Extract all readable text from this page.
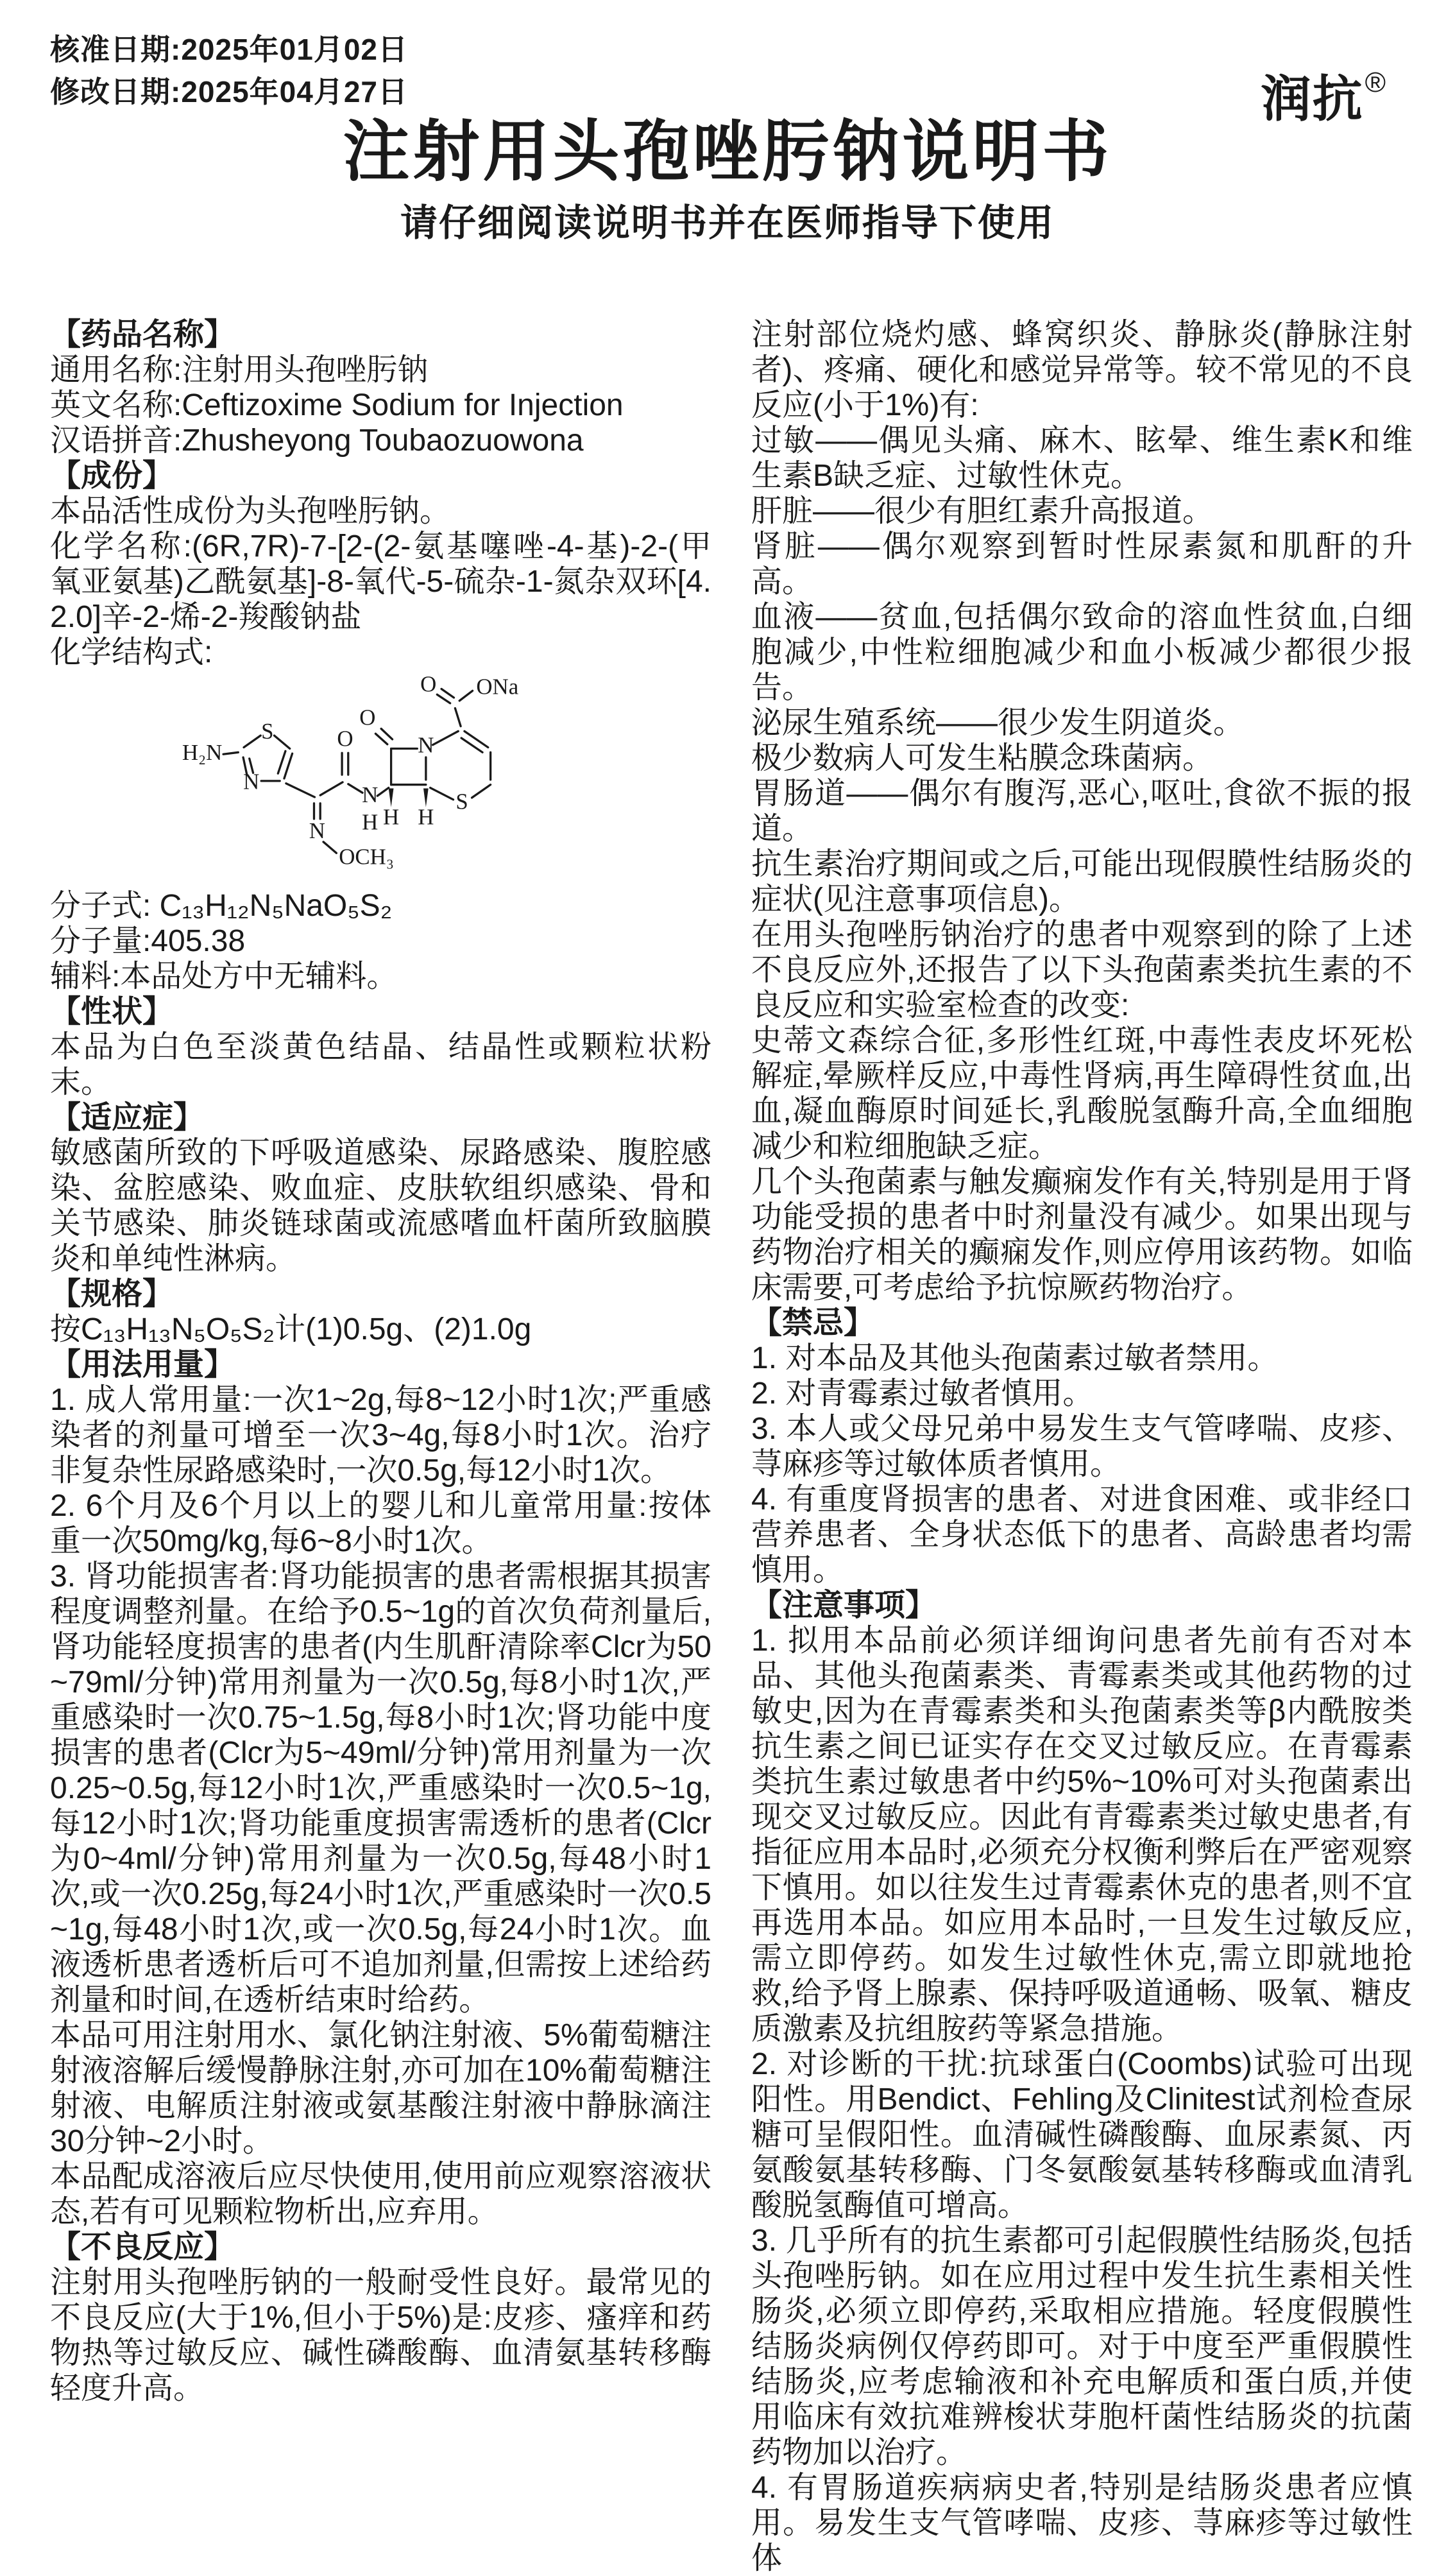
核准日期:2025年01月02日
修改日期:2025年04月27日	润抗®
注射用头孢唑肟钠说明书
请仔细阅读说明书并在医师指导下使用
【药品名称】
通用名称:注射用头孢唑肟钠
英文名称:Ceftizoxime Sodium for Injection
汉语拼音:Zhusheyong Toubaozuowona
【成份】
本品活性成份为头孢唑肟钠。
化学名称:(6R,7R)-7-[2-(2-氨基噻唑-4-基)-2-(甲氧亚氨基)乙酰氨基]-8-氧代-5-硫杂-1-氮杂双环[4.2.0]辛-2-烯-2-羧酸钠盐
化学结构式:
H₂N
S
N
N
OCH₃
O
N
H
O
N
H H
S
O ONa
分子式: C₁₃H₁₂N₅NaO₅S₂
分子量:405.38
辅料:本品处方中无辅料。
【性状】
本品为白色至淡黄色结晶、结晶性或颗粒状粉末。
【适应症】
敏感菌所致的下呼吸道感染、尿路感染、腹腔感染、盆腔感染、败血症、皮肤软组织感染、骨和关节感染、肺炎链球菌或流感嗜血杆菌所致脑膜炎和单纯性淋病。
【规格】
按C₁₃H₁₃N₅O₅S₂计(1)0.5g、(2)1.0g
【用法用量】
1. 成人常用量:一次1~2g,每8~12小时1次;严重感染者的剂量可增至一次3~4g,每8小时1次。治疗非复杂性尿路感染时,一次0.5g,每12小时1次。
2. 6个月及6个月以上的婴儿和儿童常用量:按体重一次50mg/kg,每6~8小时1次。
3. 肾功能损害者:肾功能损害的患者需根据其损害程度调整剂量。在给予0.5~1g的首次负荷剂量后,肾功能轻度损害的患者(内生肌酐清除率Clcr为50~79ml/分钟)常用剂量为一次0.5g,每8小时1次,严重感染时一次0.75~1.5g,每8小时1次;肾功能中度损害的患者(Clcr为5~49ml/分钟)常用剂量为一次0.25~0.5g,每12小时1次,严重感染时一次0.5~1g,每12小时1次;肾功能重度损害需透析的患者(Clcr为0~4ml/分钟)常用剂量为一次0.5g,每48小时1次,或一次0.25g,每24小时1次,严重感染时一次0.5~1g,每48小时1次,或一次0.5g,每24小时1次。血液透析患者透析后可不追加剂量,但需按上述给药剂量和时间,在透析结束时给药。
本品可用注射用水、氯化钠注射液、5%葡萄糖注射液溶解后缓慢静脉注射,亦可加在10%葡萄糖注射液、电解质注射液或氨基酸注射液中静脉滴注30分钟~2小时。
本品配成溶液后应尽快使用,使用前应观察溶液状态,若有可见颗粒物析出,应弃用。
【不良反应】
注射用头孢唑肟钠的一般耐受性良好。最常见的不良反应(大于1%,但小于5%)是:皮疹、瘙痒和药物热等过敏反应、碱性磷酸酶、血清氨基转移酶轻度升高。
注射部位烧灼感、蜂窝织炎、静脉炎(静脉注射者)、疼痛、硬化和感觉异常等。较不常见的不良反应(小于1%)有:
过敏——偶见头痛、麻木、眩晕、维生素K和维生素B缺乏症、过敏性休克。
肝脏——很少有胆红素升高报道。
肾脏——偶尔观察到暂时性尿素氮和肌酐的升高。
血液——贫血,包括偶尔致命的溶血性贫血,白细胞减少,中性粒细胞减少和血小板减少都很少报告。
泌尿生殖系统——很少发生阴道炎。
极少数病人可发生粘膜念珠菌病。
胃肠道——偶尔有腹泻,恶心,呕吐,食欲不振的报道。
抗生素治疗期间或之后,可能出现假膜性结肠炎的症状(见注意事项信息)。
在用头孢唑肟钠治疗的患者中观察到的除了上述不良反应外,还报告了以下头孢菌素类抗生素的不良反应和实验室检查的改变:
史蒂文森综合征,多形性红斑,中毒性表皮坏死松解症,晕厥样反应,中毒性肾病,再生障碍性贫血,出血,凝血酶原时间延长,乳酸脱氢酶升高,全血细胞减少和粒细胞缺乏症。
几个头孢菌素与触发癫痫发作有关,特别是用于肾功能受损的患者中时剂量没有减少。如果出现与药物治疗相关的癫痫发作,则应停用该药物。如临床需要,可考虑给予抗惊厥药物治疗。
【禁忌】
1. 对本品及其他头孢菌素过敏者禁用。
2. 对青霉素过敏者慎用。
3. 本人或父母兄弟中易发生支气管哮喘、皮疹、荨麻疹等过敏体质者慎用。
4. 有重度肾损害的患者、对进食困难、或非经口营养患者、全身状态低下的患者、高龄患者均需慎用。
【注意事项】
1. 拟用本品前必须详细询问患者先前有否对本品、其他头孢菌素类、青霉素类或其他药物的过敏史,因为在青霉素类和头孢菌素类等β内酰胺类抗生素之间已证实存在交叉过敏反应。在青霉素类抗生素过敏患者中约5%~10%可对头孢菌素出现交叉过敏反应。因此有青霉素类过敏史患者,有指征应用本品时,必须充分权衡利弊后在严密观察下慎用。如以往发生过青霉素休克的患者,则不宜再选用本品。如应用本品时,一旦发生过敏反应,需立即停药。如发生过敏性休克,需立即就地抢救,给予肾上腺素、保持呼吸道通畅、吸氧、糖皮质激素及抗组胺药等紧急措施。
2. 对诊断的干扰:抗球蛋白(Coombs)试验可出现阳性。用Bendict、Fehling及Clinitest试剂检查尿糖可呈假阳性。血清碱性磷酸酶、血尿素氮、丙氨酸氨基转移酶、门冬氨酸氨基转移酶或血清乳酸脱氢酶值可增高。
3. 几乎所有的抗生素都可引起假膜性结肠炎,包括头孢唑肟钠。如在应用过程中发生抗生素相关性肠炎,必须立即停药,采取相应措施。轻度假膜性结肠炎病例仅停药即可。对于中度至严重假膜性结肠炎,应考虑输液和补充电解质和蛋白质,并使用临床有效抗难辨梭状芽胞杆菌性结肠炎的抗菌药物加以治疗。
4. 有胃肠道疾病病史者,特别是结肠炎患者应慎用。易发生支气管哮喘、皮疹、荨麻疹等过敏性体
